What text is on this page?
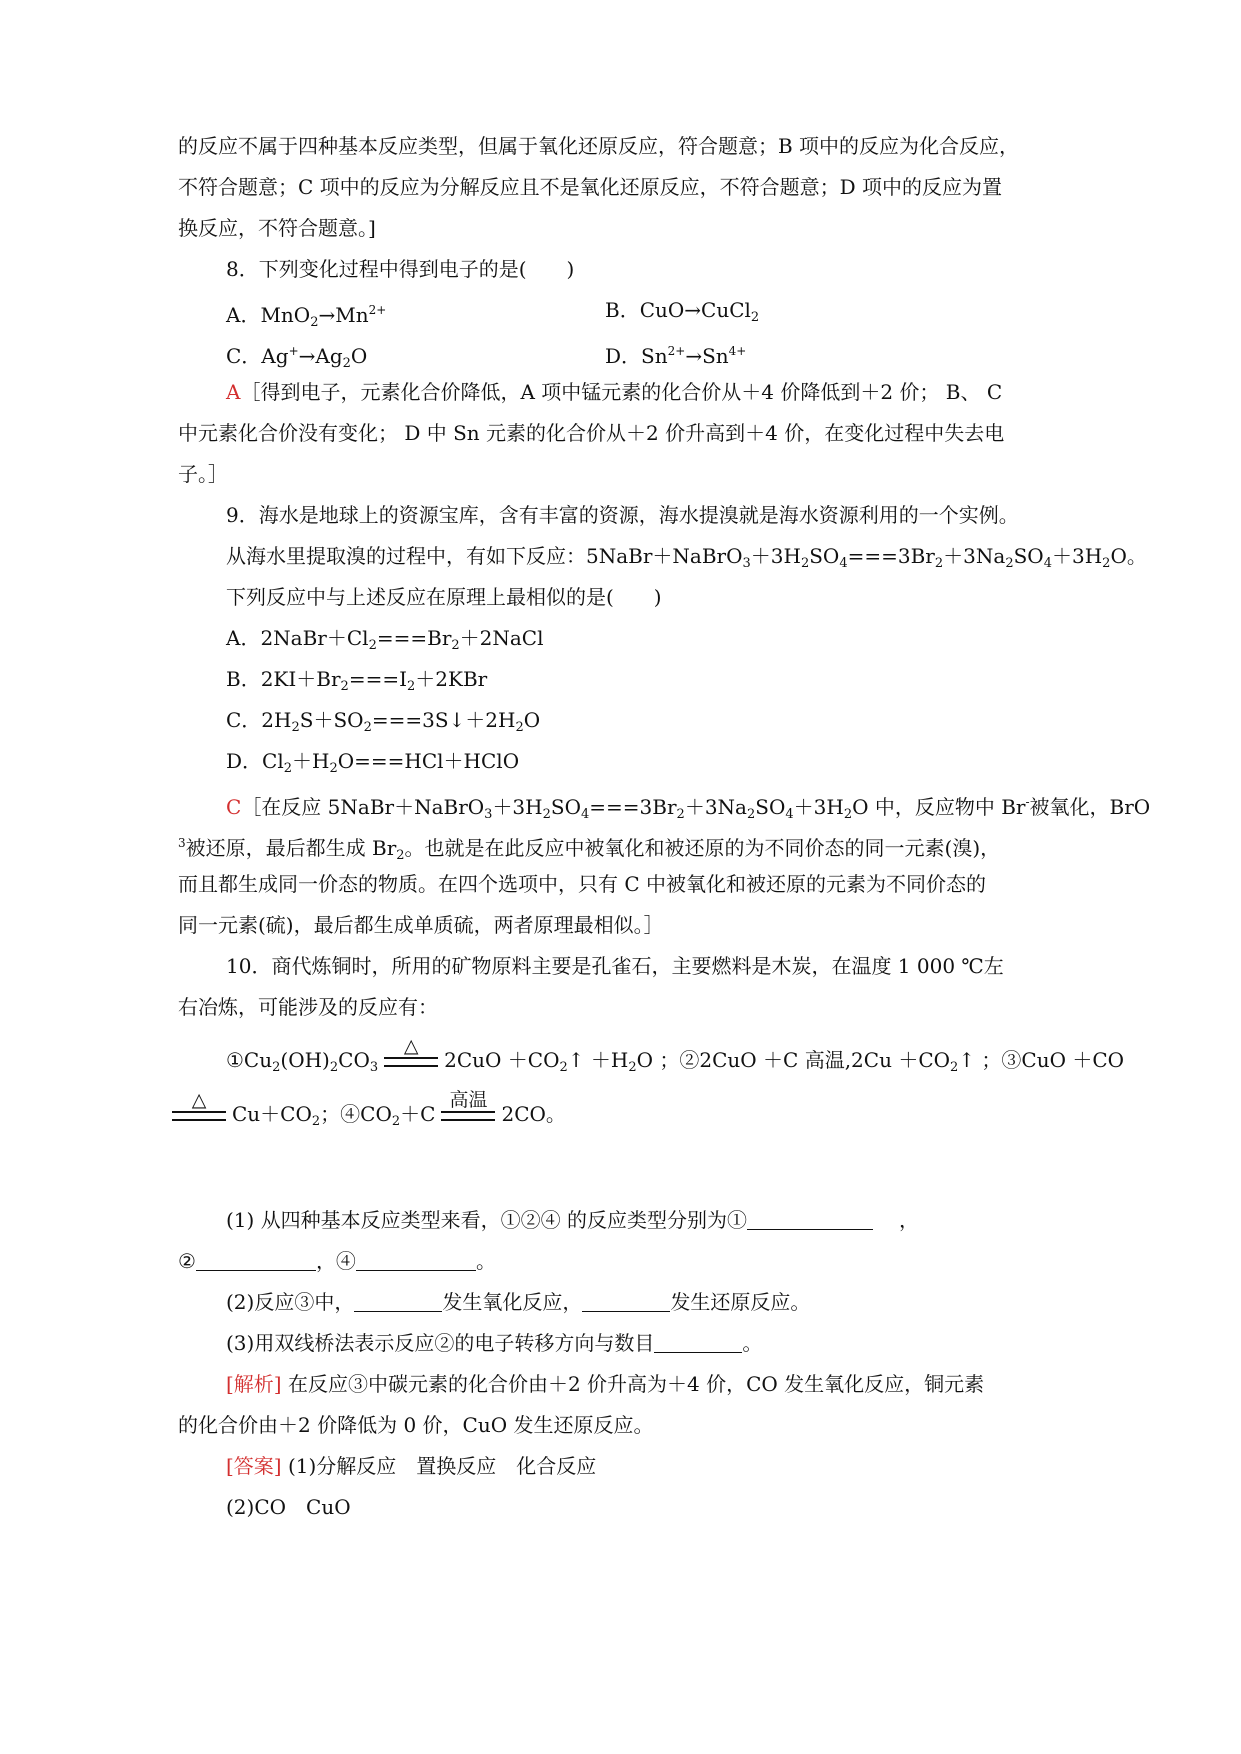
的反应不属于四种基本反应类型，但属于氧化还原反应，符合题意；B 项中的反应为化合反应，
不符合题意；C 项中的反应为分解反应且不是氧化还原反应，不符合题意；D 项中的反应为置
换反应，不符合题意。]
8．下列变化过程中得到电子的是(　　)
A．$MnO_2\to Mn^{2+}$	B．CuO→CuCl$_2$
C．$Ag^+\to Ag_2O$	D．$Sn^{2+}\to Sn^{4+}$
A［得到电子，元素化合价降低，A 项中锰元素的化合价从＋4 价降低到＋2 价； B、 C
中元素化合价没有变化； D 中 Sn 元素的化合价从＋2 价升高到＋4 价，在变化过程中失去电
子。］
9．海水是地球上的资源宝库，含有丰富的资源，海水提溴就是海水资源利用的一个实例。
从海水里提取溴的过程中，有如下反应：$5NaBr+NaBrO_3+3H_2SO_4===3Br_2+3Na_2SO_4+3H_2O$。
下列反应中与上述反应在原理上最相似的是(　　)
A．$2NaBr+Cl_2===Br_2+2NaCl$
B．$2KI+Br_2===I_2+2KBr$
C．$2H_2S+SO_2===3S↓+2H_2O$
D．$Cl_2+H_2O===HCl+HClO$
C［在反应 $5NaBr+NaBrO_3+3H_2SO_4===3Br_2+3Na_2SO_4+3H_2O$ 中，反应物中 Br-被氧化，BrO
$^3$被还原，最后都生成 $Br_2$。也就是在此反应中被氧化和被还原的为不同价态的同一元素(溴)，
而且都生成同一价态的物质。在四个选项中，只有 C 中被氧化和被还原的元素为不同价态的
同一元素(硫)，最后都生成单质硫，两者原理最相似。］
10．商代炼铜时，所用的矿物原料主要是孔雀石，主要燃料是木炭，在温度 1 000 ℃左
右冶炼，可能涉及的反应有：
$①Cu_2(OH)_2CO_3$
△

$2CuO +CO_2↑ +H_2O$ ；②2CuO ＋C 高温$,2Cu +CO_2↑$ ；③CuO ＋CO
△

$Cu+CO_2$；$④CO_2+C$
高温

2CO。
(1) 从四种基本反应类型来看，①②④ 的反应类型分别为①	，
②	，④	。
(2)反应③中，	发生氧化反应，	发生还原反应。
(3)用双线桥法表示反应②的电子转移方向与数目	。
[解析] 在反应③中碳元素的化合价由＋2 价升高为＋4 价，CO 发生氧化反应，铜元素
的化合价由＋2 价降低为 0 价，CuO 发生还原反应。
[答案] (1)分解反应　置换反应　化合反应
(2)CO　CuO
